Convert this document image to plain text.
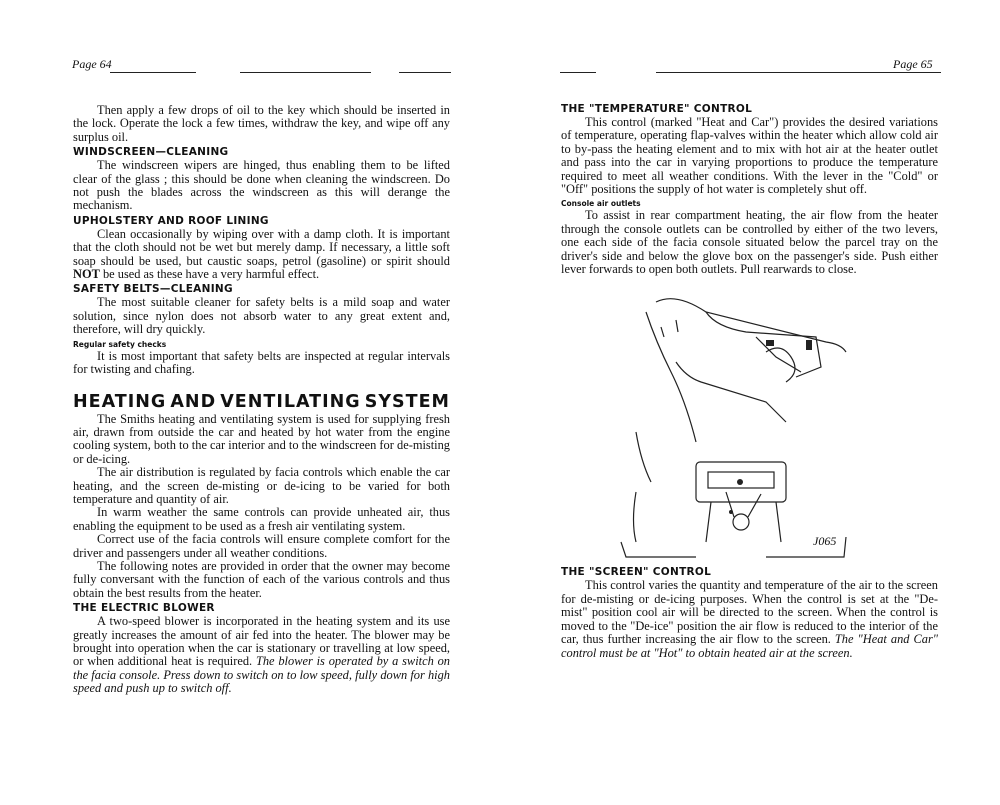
Page 64

Then apply a few drops of oil to the key which should be inserted in the lock. Operate the lock a few times, withdraw the key, and wipe off any surplus oil.

WINDSCREEN—CLEANING

The windscreen wipers are hinged, thus enabling them to be lifted clear of the glass ; this should be done when cleaning the windscreen. Do not push the blades across the windscreen as this will derange the mechanism.

UPHOLSTERY AND ROOF LINING

Clean occasionally by wiping over with a damp cloth. It is important that the cloth should not be wet but merely damp. If necessary, a little soft soap should be used, but caustic soaps, petrol (gasoline) or spirit should NOT be used as these have a very harmful effect.

SAFETY BELTS—CLEANING

The most suitable cleaner for safety belts is a mild soap and water solution, since nylon does not absorb water to any great extent and, therefore, will dry quickly.

Regular safety checks

It is most important that safety belts are inspected at regular intervals for twisting and chafing.

HEATING AND VENTILATING SYSTEM

The Smiths heating and ventilating system is used for supplying fresh air, drawn from outside the car and heated by hot water from the engine cooling system, both to the car interior and to the windscreen for de-misting or de-icing.

The air distribution is regulated by facia controls which enable the car heating, and the screen de-misting or de-icing to be varied for both temperature and quantity of air.

In warm weather the same controls can provide unheated air, thus enabling the equipment to be used as a fresh air ventilating system.

Correct use of the facia controls will ensure complete comfort for the driver and passengers under all weather conditions.

The following notes are provided in order that the owner may become fully conversant with the function of each of the various controls and thus obtain the best results from the heater.

THE ELECTRIC BLOWER

A two-speed blower is incorporated in the heating system and its use greatly increases the amount of air fed into the heater. The blower may be brought into operation when the car is stationary or travelling at low speed, or when additional heat is required. The blower is operated by a switch on the facia console. Press down to switch on to low speed, fully down for high speed and push up to switch off.

Page 65
THE "TEMPERATURE" CONTROL

This control (marked "Heat and Car") provides the desired variations of temperature, operating flap-valves within the heater which allow cold air to by-pass the heating element and to mix with hot air at the heater outlet and pass into the car in varying proportions to produce the temperature required to meet all weather conditions. With the lever in the "Cold" or "Off" positions the supply of hot water is completely shut off.

Console air outlets

To assist in rear compartment heating, the air flow from the heater through the console outlets can be controlled by either of the two levers, one each side of the facia console situated below the parcel tray on the driver's side and below the glove box on the passenger's side. Push either lever forwards to open both outlets. Pull rearwards to close.

J065
THE "SCREEN" CONTROL

This control varies the quantity and temperature of the air to the screen for de-misting or de-icing purposes. When the control is set at the "De-mist" position cool air will be directed to the screen. When the control is moved to the "De-ice" position the air flow is reduced to the interior of the car, thus further increasing the air flow to the screen. The "Heat and Car" control must be at "Hot" to obtain heated air at the screen.
